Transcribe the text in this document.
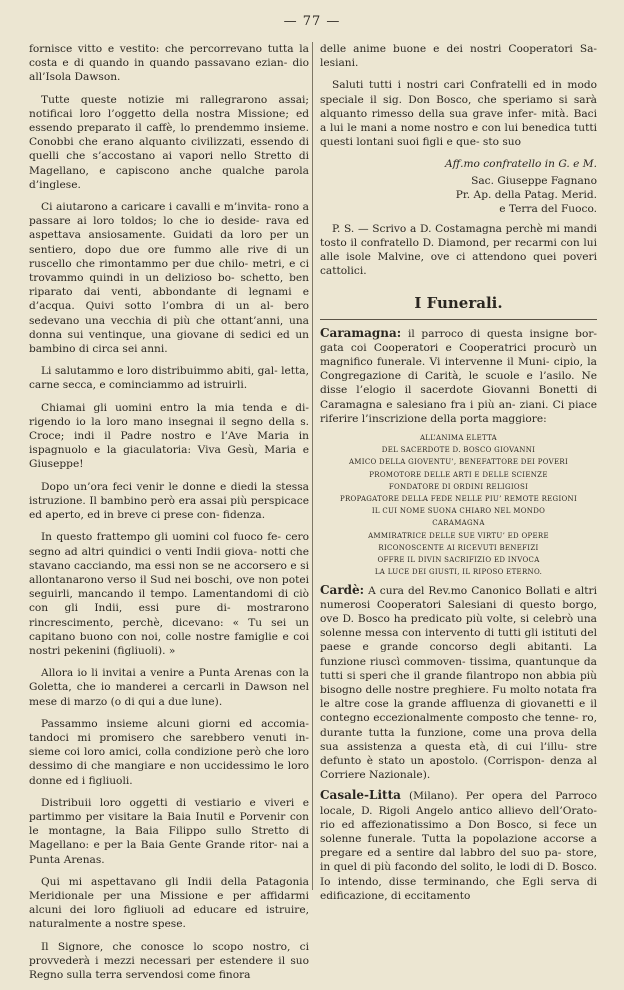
— 77 —

fornisce vitto e vestito: che percorrevano tutta la costa e di quando in quando passavano ezian- dio all’Isola Dawson.

Tutte queste notizie mi rallegrarono assai; notificai loro l’oggetto della nostra Missione; ed essendo preparato il caffè, lo prendemmo insieme. Conobbi che erano alquanto civilizzati, essendo di quelli che s’accostano ai vapori nello Stretto di Magellano, e capiscono anche qualche parola d’inglese.

Ci aiutarono a caricare i cavalli e m’invita- rono a passare ai loro toldos; lo che io deside- rava ed aspettava ansiosamente. Guidati da loro per un sentiero, dopo due ore fummo alle rive di un ruscello che rimontammo per due chilo- metri, e ci trovammo quindi in un delizioso bo- schetto, ben riparato dai venti, abbondante di legnami e d’acqua. Quivi sotto l’ombra di un al- bero sedevano una vecchia di più che ottant’anni, una donna sui ventinque, una giovane di sedici ed un bambino di circa sei anni.

Li salutammo e loro distribuimmo abiti, gal- letta, carne secca, e cominciammo ad istruirli.

Chiamai gli uomini entro la mia tenda e di- rigendo io la loro mano insegnai il segno della s. Croce; indi il Padre nostro e l’Ave Maria in ispagnuolo e la giaculatoria: Viva Gesù, Maria e Giuseppe!

Dopo un’ora feci venir le donne e diedi la stessa istruzione. Il bambino però era assai più perspicace ed aperto, ed in breve ci prese con- fidenza.

In questo frattempo gli uomini col fuoco fe- cero segno ad altri quindici o venti Indii giova- notti che stavano cacciando, ma essi non se ne accorsero e si allontanarono verso il Sud nei boschi, ove non potei seguirli, mancando il tempo. Lamentandomi di ciò con gli Indii, essi pure di- mostrarono rincrescimento, perchè, dicevano: « Tu sei un capitano buono con noi, colle nostre famiglie e coi nostri pekenini (figliuoli). »

Allora io li invitai a venire a Punta Arenas con la Goletta, che io manderei a cercarli in Dawson nel mese di marzo (o di qui a due lune).

Passammo insieme alcuni giorni ed accomia- tandoci mi promisero che sarebbero venuti in- sieme coi loro amici, colla condizione però che loro dessimo di che mangiare e non uccidessimo le loro donne ed i figliuoli.

Distribuii loro oggetti di vestiario e viveri e partimmo per visitare la Baia Inutil e Porvenir con le montagne, la Baia Filippo sullo Stretto di Magellano: e per la Baia Gente Grande ritor- nai a Punta Arenas.

Qui mi aspettavano gli Indii della Patagonia Meridionale per una Missione e per affidarmi alcuni dei loro figliuoli ad educare ed istruire, naturalmente a nostre spese.

Il Signore, che conosce lo scopo nostro, ci provvederà i mezzi necessari per estendere il suo Regno sulla terra servendosi come finora

delle anime buone e dei nostri Cooperatori Sa- lesiani.

Saluti tutti i nostri cari Confratelli ed in modo speciale il sig. Don Bosco, che speriamo si sarà alquanto rimesso della sua grave infer- mità. Baci a lui le mani a nome nostro e con lui benedica tutti questi lontani suoi figli e que- sto suo

Aff.mo confratello in G. e M.
Sac. Giuseppe Fagnano
Pr. Ap. della Patag. Merid.
e Terra del Fuoco.

P. S. — Scrivo a D. Costamagna perchè mi mandi tosto il confratello D. Diamond, per recarmi con lui alle isole Malvine, ove ci attendono quei poveri cattolici.

I Funerali.
Caramagna: il parroco di questa insigne bor- gata coi Cooperatori e Cooperatrici procurò un magnifico funerale. Vi intervenne il Muni- cipio, la Congregazione di Carità, le scuole e l’asilo. Ne disse l’elogio il sacerdote Giovanni Bonetti di Caramagna e salesiano fra i più an- ziani. Ci piace riferire l’inscrizione della porta maggiore:
ALL’ANIMA ELETTA
DEL SACERDOTE D. BOSCO GIOVANNI
AMICO DELLA GIOVENTU’, BENEFATTORE DEI POVERI
PROMOTORE DELLE ARTI E DELLE SCIENZE
FONDATORE DI ORDINI RELIGIOSI
PROPAGATORE DELLA FEDE NELLE PIU’ REMOTE REGIONI
IL CUI NOME SUONA CHIARO NEL MONDO
CARAMAGNA
AMMIRATRICE DELLE SUE VIRTU’ ED OPERE
RICONOSCENTE AI RICEVUTI BENEFIZI
OFFRE IL DIVIN SACRIFIZIO ED INVOCA
LA LUCE DEI GIUSTI, IL RIPOSO ETERNO.
Cardè: A cura del Rev.mo Canonico Bollati e altri numerosi Cooperatori Salesiani di questo borgo, ove D. Bosco ha predicato più volte, si celebrò una solenne messa con intervento di tutti gli istituti del paese e grande concorso degli abitanti. La funzione riuscì commoven- tissima, quantunque da tutti si speri che il grande filantropo non abbia più bisogno delle nostre preghiere. Fu molto notata fra le altre cose la grande affluenza di giovanetti e il contegno eccezionalmente composto che tenne- ro, durante tutta la funzione, come una prova della sua assistenza a questa età, di cui l’illu- stre defunto è stato un apostolo. (Corrispon- denza al Corriere Nazionale).
Casale-Litta (Milano). Per opera del Parroco locale, D. Rigoli Angelo antico allievo dell’Orato- rio ed affezionatissimo a Don Bosco, si fece un solenne funerale. Tutta la popolazione accorse a pregare ed a sentire dal labbro del suo pa- store, in quel di più facondo del solito, le lodi di D. Bosco. Io intendo, disse terminando, che Egli serva di edificazione, di eccitamento
